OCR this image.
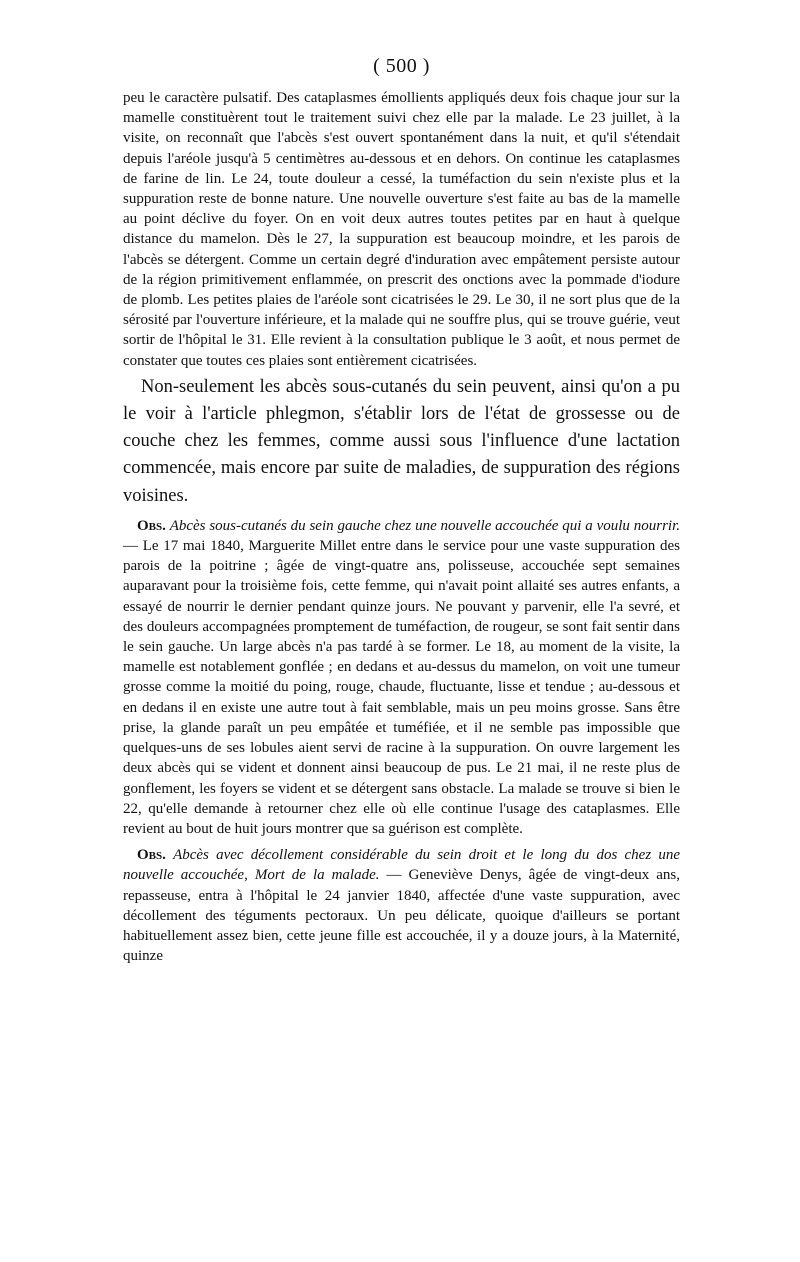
( 500 )

peu le caractère pulsatif. Des cataplasmes émollients appliqués deux fois chaque jour sur la mamelle constituèrent tout le traitement suivi chez elle par la malade. Le 23 juillet, à la visite, on reconnaît que l'abcès s'est ouvert spontanément dans la nuit, et qu'il s'étendait depuis l'aréole jusqu'à 5 centimètres au-dessous et en dehors. On continue les cataplasmes de farine de lin. Le 24, toute douleur a cessé, la tuméfaction du sein n'existe plus et la suppuration reste de bonne nature. Une nouvelle ouverture s'est faite au bas de la mamelle au point déclive du foyer. On en voit deux autres toutes petites par en haut à quelque distance du mamelon. Dès le 27, la suppuration est beaucoup moindre, et les parois de l'abcès se détergent. Comme un certain degré d'induration avec empâtement persiste autour de la région primitivement enflammée, on prescrit des onctions avec la pommade d'iodure de plomb. Les petites plaies de l'aréole sont cicatrisées le 29. Le 30, il ne sort plus que de la sérosité par l'ouverture inférieure, et la malade qui ne souffre plus, qui se trouve guérie, veut sortir de l'hôpital le 31. Elle revient à la consultation publique le 3 août, et nous permet de constater que toutes ces plaies sont entièrement cicatrisées.

Non-seulement les abcès sous-cutanés du sein peuvent, ainsi qu'on a pu le voir à l'article phlegmon, s'établir lors de l'état de grossesse ou de couche chez les femmes, comme aussi sous l'influence d'une lactation commencée, mais encore par suite de maladies, de suppuration des régions voisines.

Obs. Abcès sous-cutanés du sein gauche chez une nouvelle accouchée qui a voulu nourrir. — Le 17 mai 1840, Marguerite Millet entre dans le service pour une vaste suppuration des parois de la poitrine ; âgée de vingt-quatre ans, polisseuse, accouchée sept semaines auparavant pour la troisième fois, cette femme, qui n'avait point allaité ses autres enfants, a essayé de nourrir le dernier pendant quinze jours. Ne pouvant y parvenir, elle l'a sevré, et des douleurs accompagnées promptement de tuméfaction, de rougeur, se sont fait sentir dans le sein gauche. Un large abcès n'a pas tardé à se former. Le 18, au moment de la visite, la mamelle est notablement gonflée ; en dedans et au-dessus du mamelon, on voit une tumeur grosse comme la moitié du poing, rouge, chaude, fluctuante, lisse et tendue ; au-dessous et en dedans il en existe une autre tout à fait semblable, mais un peu moins grosse. Sans être prise, la glande paraît un peu empâtée et tuméfiée, et il ne semble pas impossible que quelques-uns de ses lobules aient servi de racine à la suppuration. On ouvre largement les deux abcès qui se vident et donnent ainsi beaucoup de pus. Le 21 mai, il ne reste plus de gonflement, les foyers se vident et se détergent sans obstacle. La malade se trouve si bien le 22, qu'elle demande à retourner chez elle où elle continue l'usage des cataplasmes. Elle revient au bout de huit jours montrer que sa guérison est complète.

Obs. Abcès avec décollement considérable du sein droit et le long du dos chez une nouvelle accouchée, Mort de la malade. — Geneviève Denys, âgée de vingt-deux ans, repasseuse, entra à l'hôpital le 24 janvier 1840, affectée d'une vaste suppuration, avec décollement des téguments pectoraux. Un peu délicate, quoique d'ailleurs se portant habituellement assez bien, cette jeune fille est accouchée, il y a douze jours, à la Maternité, quinze
